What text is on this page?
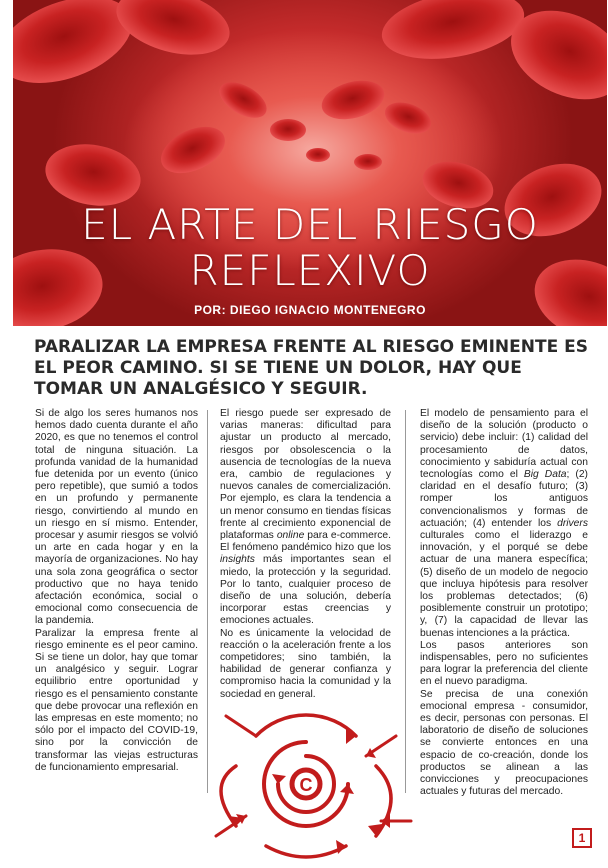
EL ARTE DEL RIESGO
REFLEXIVO
POR: DIEGO IGNACIO MONTENEGRO
PARALIZAR LA EMPRESA FRENTE AL RIESGO EMINENTE ES EL PEOR CAMINO. SI SE TIENE UN DOLOR, HAY QUE TOMAR UN ANALGÉSICO Y SEGUIR.

Si de algo los seres humanos nos hemos dado cuenta durante el año 2020, es que no tenemos el control total de ninguna situación. La profunda vanidad de la humanidad fue detenida por un evento (único pero repetible), que sumió a todos en un profundo y permanente riesgo, convirtiendo al mundo en un riesgo en sí mismo. Entender, procesar y asumir riesgos se volvió un arte en cada hogar y en la mayoría de organizaciones. No hay una sola zona geográfica o sector productivo que no haya tenido afectación económica, social o emocional como consecuencia de la pandemia.

Paralizar la empresa frente al riesgo eminente es el peor camino. Si se tiene un dolor, hay que tomar un analgésico y seguir. Lograr equilibrio entre oportunidad y riesgo es el pensamiento constante que debe provocar una reflexión en las empresas en este momento; no sólo por el impacto del COVID-19, sino por la convicción de transformar las viejas estructuras de funcionamiento empresarial.

El riesgo puede ser expresado de varias maneras: dificultad para ajustar un producto al mercado, riesgos por obsolescencia o la ausencia de tecnologías de la nueva era, cambio de regulaciones y nuevos canales de comercialización. Por ejemplo, es clara la tendencia a un menor consumo en tiendas físicas frente al crecimiento exponencial de plataformas online para e-commerce. El fenómeno pandémico hizo que los insights más importantes sean el miedo, la protección y la seguridad. Por lo tanto, cualquier proceso de diseño de una solución, debería incorporar estas creencias y emociones actuales.

No es únicamente la velocidad de reacción o la aceleración frente a los competidores; sino también, la habilidad de generar confianza y compromiso hacia la comunidad y la sociedad en general.

El modelo de pensamiento para el diseño de la solución (producto o servicio) debe incluir: (1) calidad del procesamiento de datos, conocimiento y sabiduría actual con tecnologías como el Big Data; (2) claridad en el desafío futuro; (3) romper los antiguos convencionalismos y formas de actuación; (4) entender los drivers culturales como el liderazgo e innovación, y el porqué se debe actuar de una manera específica; (5) diseño de un modelo de negocio que incluya hipótesis para resolver los problemas detectados; (6) posiblemente construir un prototipo; y, (7) la capacidad de llevar las buenas intenciones a la práctica.

Los pasos anteriores son indispensables, pero no suficientes para lograr la preferencia del cliente en el nuevo paradigma.

Se precisa de una conexión emocional empresa - consumidor, es decir, personas con personas. El laboratorio de diseño de soluciones se convierte entonces en una espacio de co-creación, donde los productos se alinean a las convicciones y preocupaciones actuales y futuras del mercado.

C
1
